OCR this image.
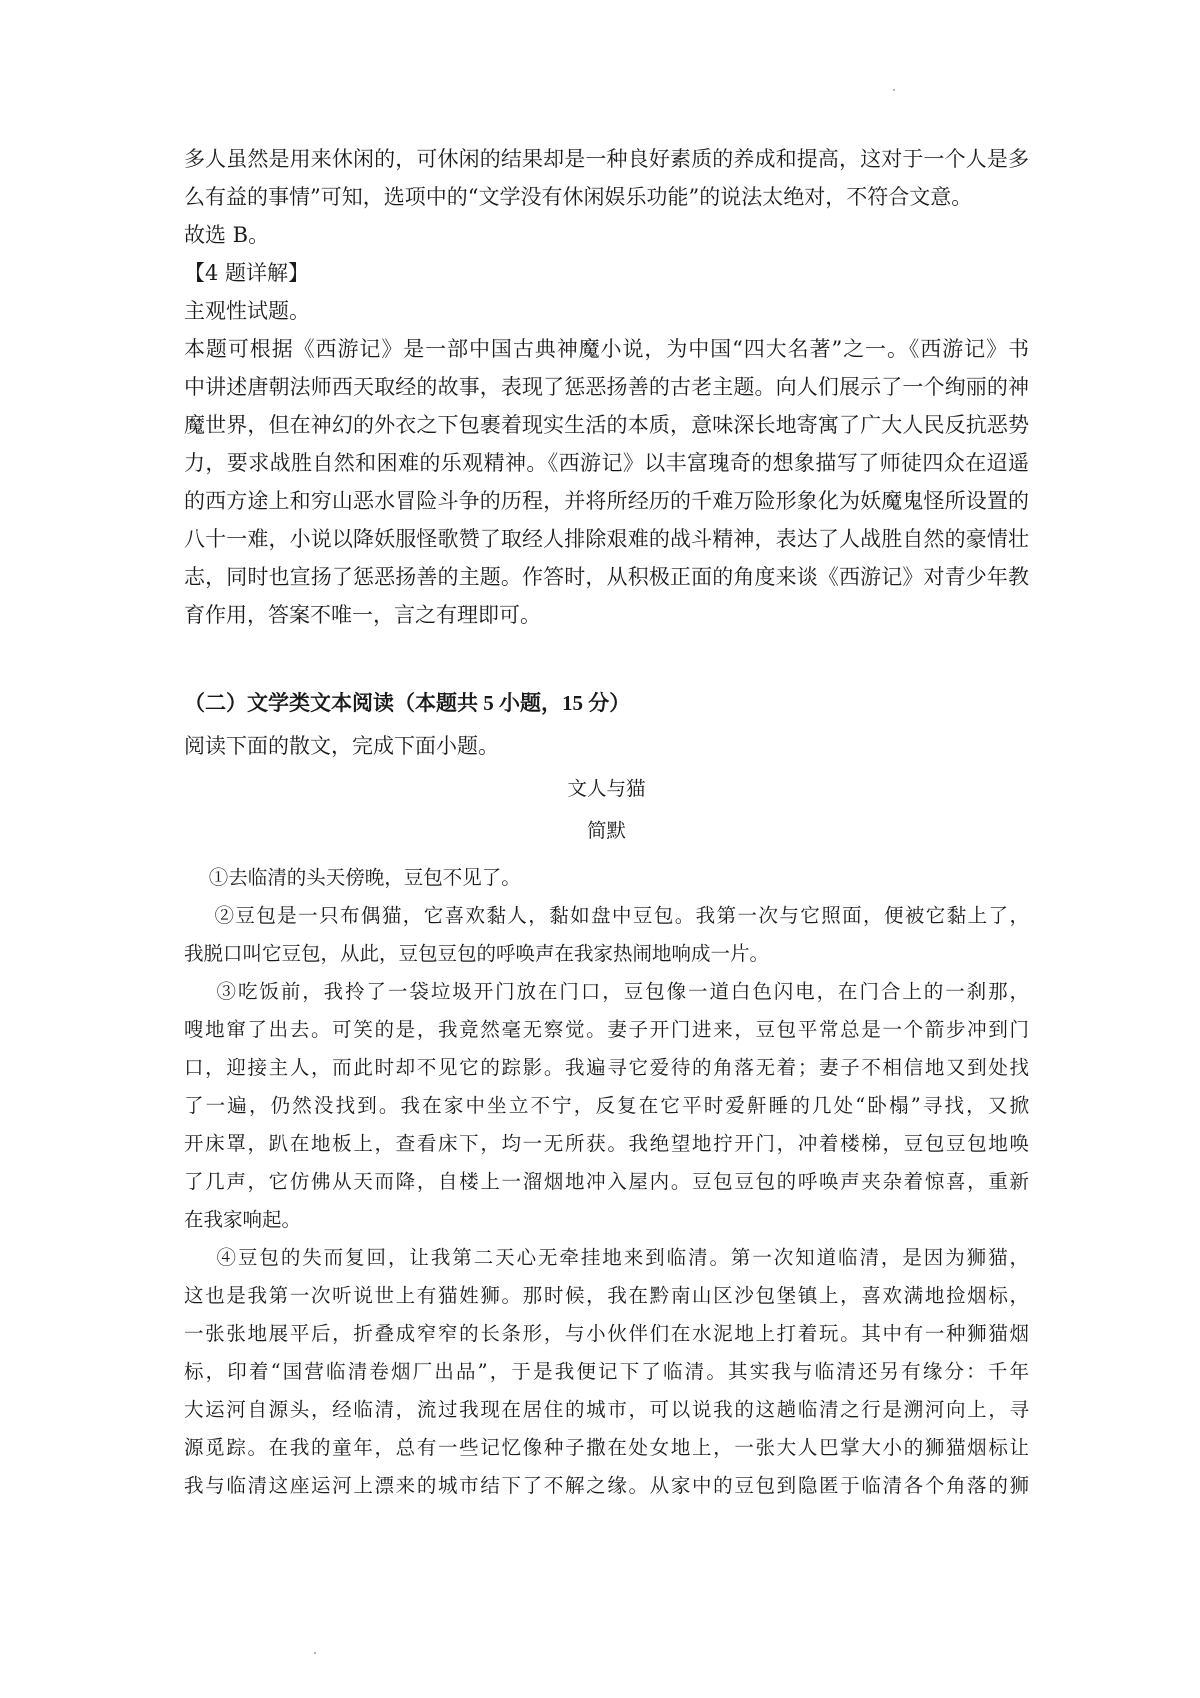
多人虽然是用来休闲的，可休闲的结果却是一种良好素质的养成和提高，这对于一个人是多
么有益的事情”可知，选项中的“文学没有休闲娱乐功能”的说法太绝对，不符合文意。
故选 B。
【4 题详解】
主观性试题。
本题可根据《西游记》是一部中国古典神魔小说，为中国“四大名著”之一。《西游记》书
中讲述唐朝法师西天取经的故事，表现了惩恶扬善的古老主题。向人们展示了一个绚丽的神
魔世界，但在神幻的外衣之下包裹着现实生活的本质，意味深长地寄寓了广大人民反抗恶势
力，要求战胜自然和困难的乐观精神。《西游记》以丰富瑰奇的想象描写了师徒四众在迢遥
的西方途上和穷山恶水冒险斗争的历程，并将所经历的千难万险形象化为妖魔鬼怪所设置的
八十一难，小说以降妖服怪歌赞了取经人排除艰难的战斗精神，表达了人战胜自然的豪情壮
志，同时也宣扬了惩恶扬善的主题。作答时，从积极正面的角度来谈《西游记》对青少年教
育作用，答案不唯一，言之有理即可。
（二）文学类文本阅读（本题共 5 小题，15 分）
阅读下面的散文，完成下面小题。
文人与猫
简默
①去临清的头天傍晚，豆包不见了。
②豆包是一只布偶猫，它喜欢黏人，黏如盘中豆包。我第一次与它照面，便被它黏上了，
我脱口叫它豆包，从此，豆包豆包的呼唤声在我家热闹地响成一片。
③吃饭前，我拎了一袋垃圾开门放在门口，豆包像一道白色闪电，在门合上的一刹那，
嗖地窜了出去。可笑的是，我竟然毫无察觉。妻子开门进来，豆包平常总是一个箭步冲到门
口，迎接主人，而此时却不见它的踪影。我遍寻它爱待的角落无着；妻子不相信地又到处找
了一遍，仍然没找到。我在家中坐立不宁，反复在它平时爱鼾睡的几处“卧榻”寻找，又掀
开床罩，趴在地板上，查看床下，均一无所获。我绝望地拧开门，冲着楼梯，豆包豆包地唤
了几声，它仿佛从天而降，自楼上一溜烟地冲入屋内。豆包豆包的呼唤声夹杂着惊喜，重新
在我家响起。
④豆包的失而复回，让我第二天心无牵挂地来到临清。第一次知道临清，是因为狮猫，
这也是我第一次听说世上有猫姓狮。那时候，我在黔南山区沙包堡镇上，喜欢满地捡烟标，
一张张地展平后，折叠成窄窄的长条形，与小伙伴们在水泥地上打着玩。其中有一种狮猫烟
标，印着“国营临清卷烟厂出品”，于是我便记下了临清。其实我与临清还另有缘分：千年
大运河自源头，经临清，流过我现在居住的城市，可以说我的这趟临清之行是溯河向上，寻
源觅踪。在我的童年，总有一些记忆像种子撒在处女地上，一张大人巴掌大小的狮猫烟标让
我与临清这座运河上漂来的城市结下了不解之缘。从家中的豆包到隐匿于临清各个角落的狮
